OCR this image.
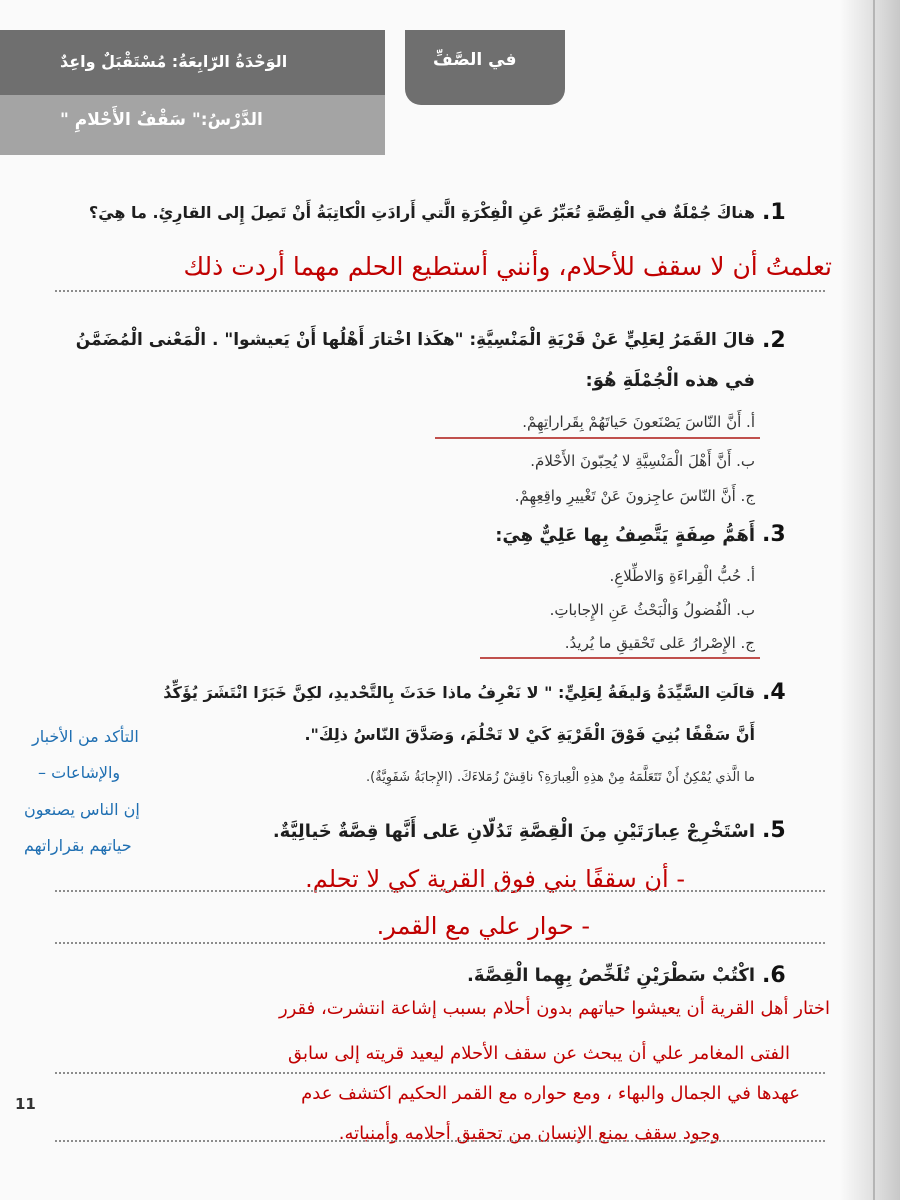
في الصَّفِّ
الوَحْدَةُ الرّابِعَةُ: مُسْتَقْبَلٌ واعِدٌ
الدَّرْسُ:" سَقْفُ الأَحْلامِ "
1.
هناكَ جُمْلَةٌ في الْقِصَّةِ تُعَبِّرُ عَنِ الْفِكْرَةِ الَّتي أَرادَتِ الْكاتِبَةُ أَنْ تَصِلَ إِلى القارِئِ. ما هِيَ؟
تعلمتُ أن لا سقف للأحلام، وأنني أستطيع الحلم مهما أردت ذلك
2.
قالَ القَمَرُ لِعَلِيٍّ عَنْ قَرْيَةِ الْمَنْسِيَّةِ: "هكَذا اخْتارَ أَهْلُها أَنْ يَعيشوا" . الْمَعْنى الْمُضَمَّنُ
في هذه الْجُمْلَةِ هُوَ:
أ. أَنَّ النّاسَ يَصْنَعونَ حَياتَهُمْ بِقَراراتِهِمْ.
ب. أَنَّ أَهْلَ الْمَنْسِيَّةِ لا يُحِبّونَ الأَحْلامَ.
ج. أَنَّ النّاسَ عاجِزونَ عَنْ تَغْييرِ واقِعِهِمْ.
3.
أَهَمُّ صِفَةٍ يَتَّصِفُ بِها عَلِيٌّ هِيَ:
أ. حُبُّ الْقِراءَةِ وَالاطِّلاعِ.
ب. الْفُضولُ وَالْبَحْثُ عَنِ الإِجاباتِ.
ج. الإِصْرارُ عَلى تَحْقيقِ ما يُريدُ.
4.
قالَتِ السَّيِّدَةُ وَليفَةُ لِعَلِيٍّ: " لا نَعْرِفُ ماذا حَدَثَ بِالتَّحْديدِ، لكِنَّ خَبَرًا انْتَشَرَ يُؤَكِّدُ
أَنَّ سَقْفًا بُنِيَ فَوْقَ الْقَرْيَةِ كَيْ لا تَحْلُمَ، وَصَدَّقَ النّاسُ ذلِكَ".
ما الَّذي يُمْكِنُ أَنْ تَتَعَلَّمَهُ مِنْ هذِهِ الْعِبارَةِ؟ ناقِشْ زُمَلاءَكَ. (الإِجابَةُ شَفَوِيَّةٌ).
التأكد من الأخبار
والإشاعات –
إن الناس يصنعون
حياتهم بقراراتهم
5.
اسْتَخْرِجْ عِبارَتَيْنِ مِنَ الْقِصَّةِ تَدُلّانِ عَلى أَنَّها قِصَّةٌ خَيالِيَّةٌ.
- أن سقفًا بني فوق القرية كي لا تحلم.
- حوار علي مع القمر.
6.
اكْتُبْ سَطْرَيْنِ تُلَخِّصُ بِهِما الْقِصَّةَ.
اختار أهل القرية أن يعيشوا حياتهم بدون أحلام بسبب إشاعة انتشرت، فقرر
الفتى المغامر علي أن يبحث عن سقف الأحلام ليعيد قريته إلى سابق
عهدها في الجمال والبهاء ، ومع حواره مع القمر الحكيم اكتشف عدم
وجود سقف يمنع الإنسان من تحقيق أحلامه وأمنياته.
11
